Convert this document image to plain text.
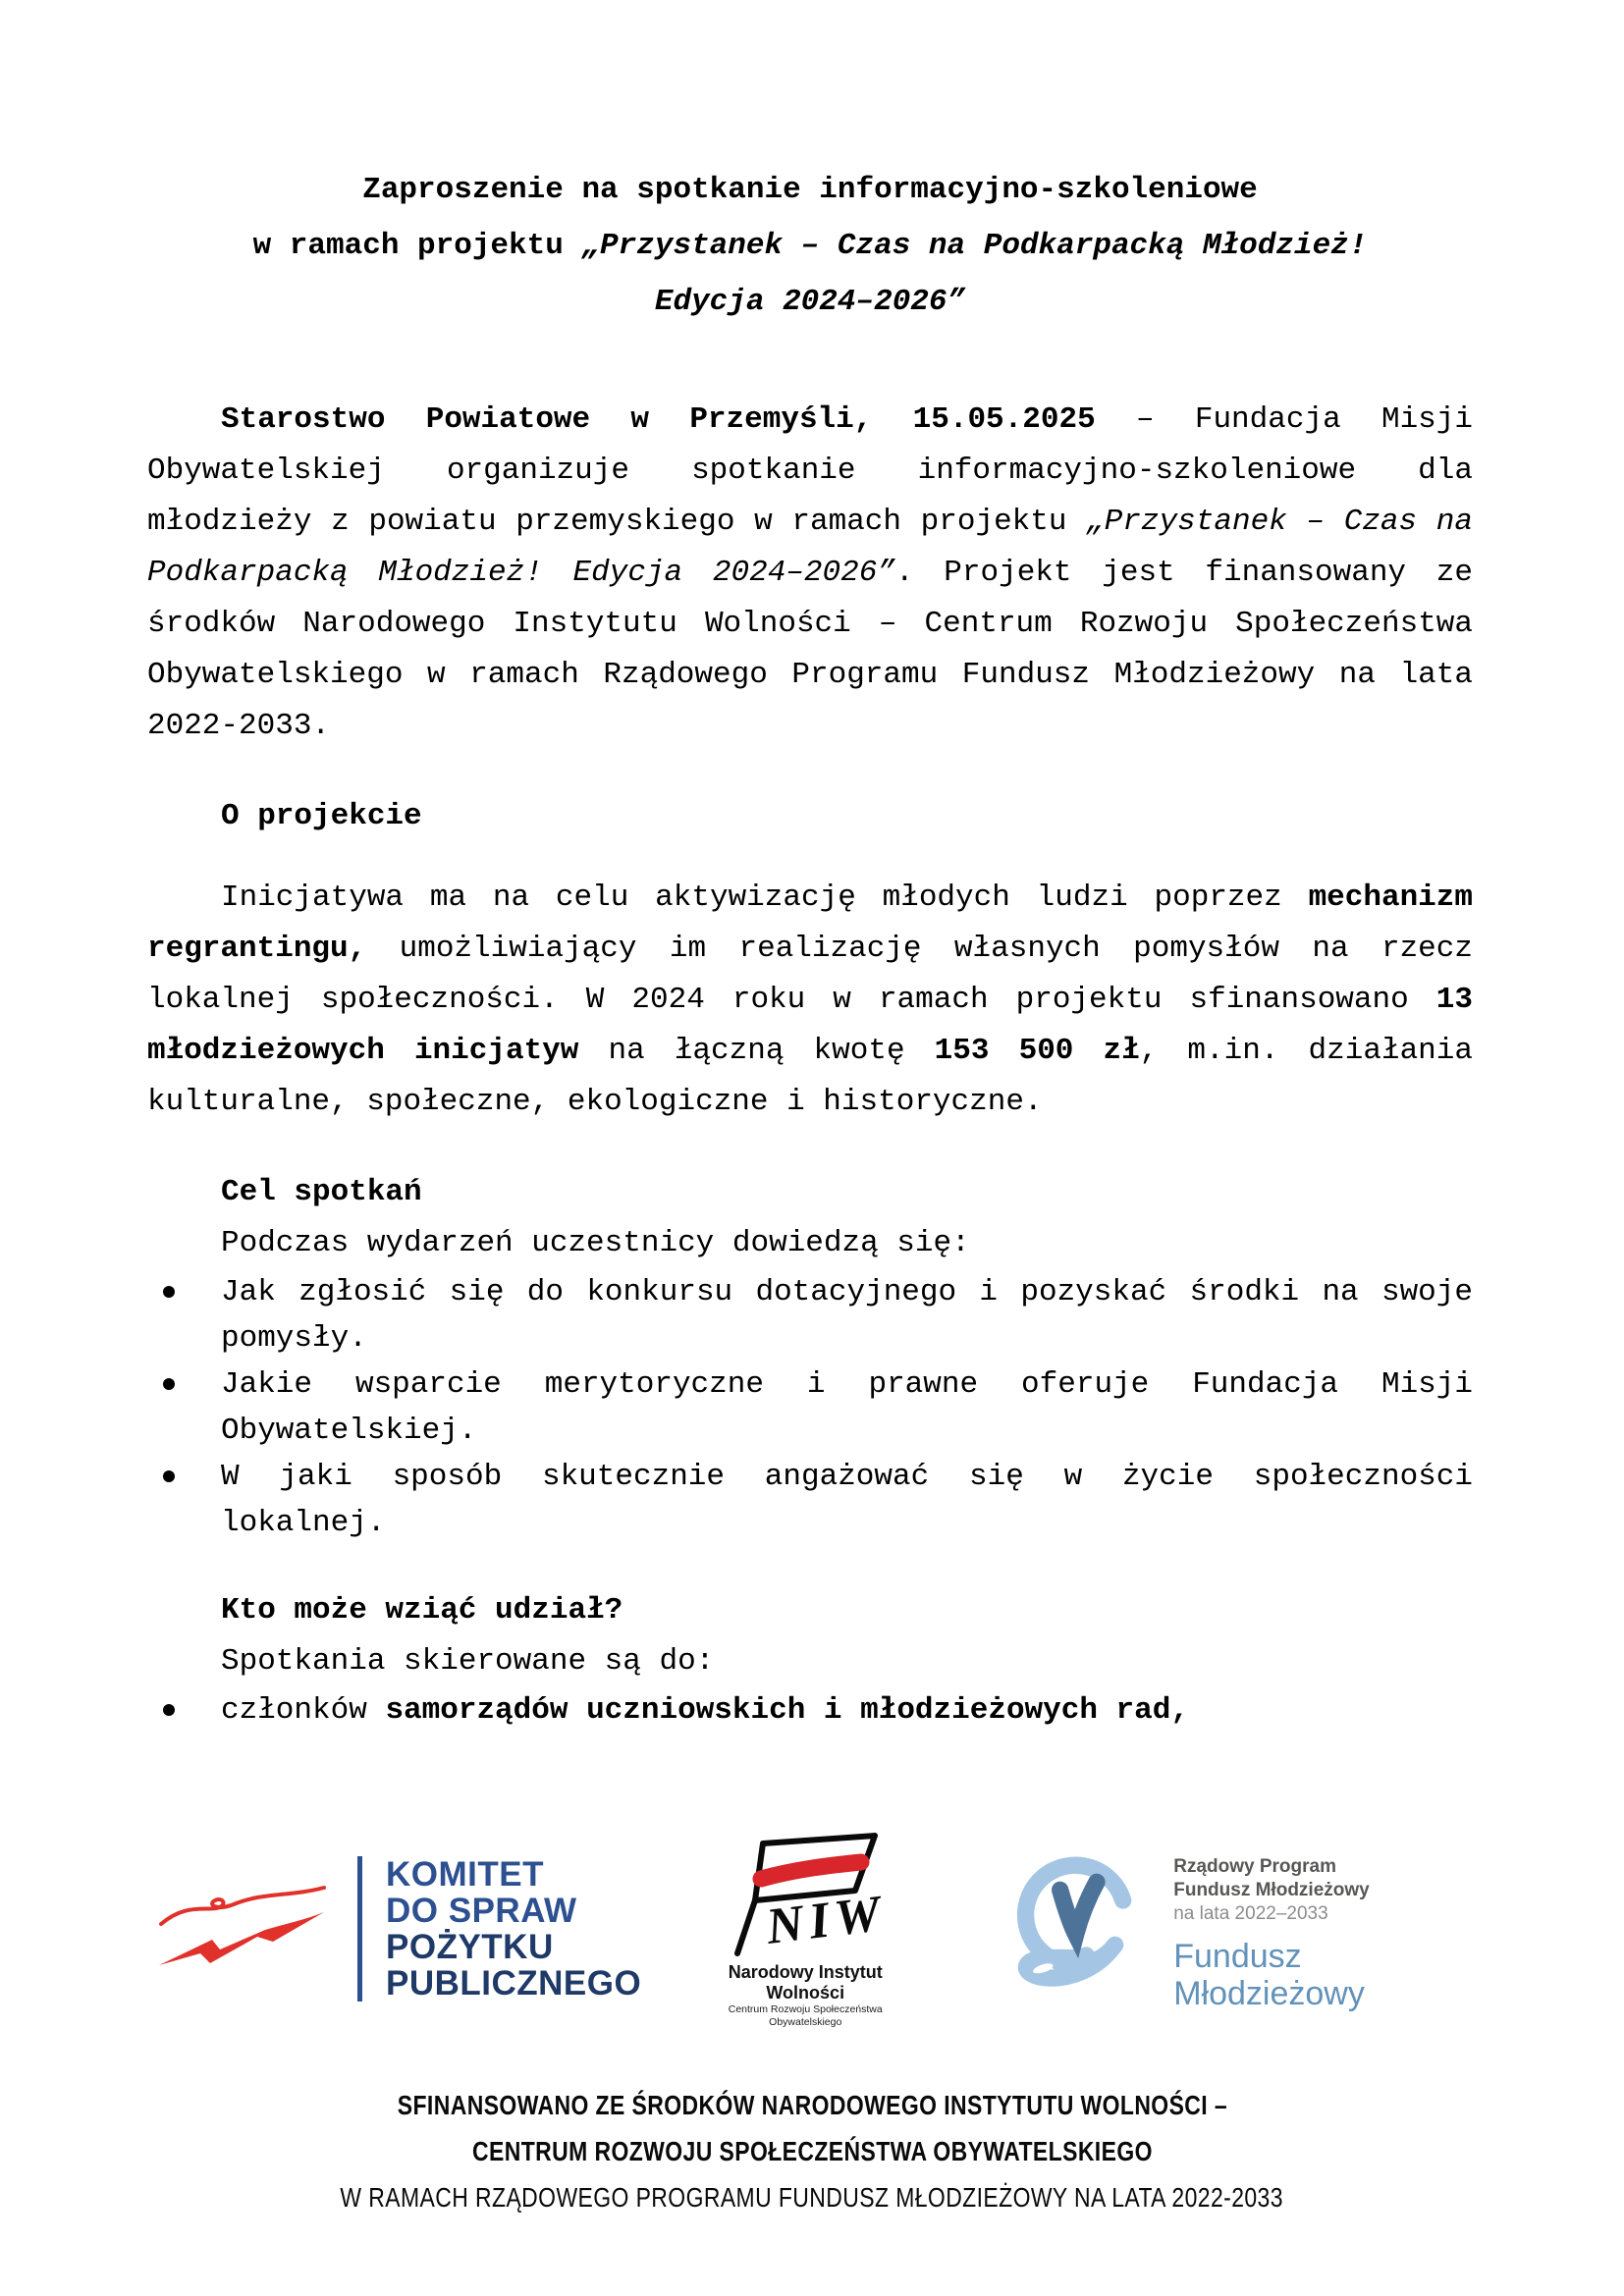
Zaproszenie na spotkanie informacyjno-szkoleniowe
w ramach projektu „Przystanek – Czas na Podkarpacką Młodzież!
Edycja 2024–2026”

Starostwo Powiatowe w Przemyśli, 15.05.2025 – Fundacja Misji Obywatelskiej organizuje spotkanie informacyjno-szkoleniowe dla młodzieży z powiatu przemyskiego w ramach projektu „Przystanek – Czas na Podkarpacką Młodzież! Edycja 2024–2026”. Projekt jest finansowany ze środków Narodowego Instytutu Wolności – Centrum Rozwoju Społeczeństwa Obywatelskiego w ramach Rządowego Programu Fundusz Młodzieżowy na lata 2022-2033.

O projekcie

Inicjatywa ma na celu aktywizację młodych ludzi poprzez mechanizm regrantingu, umożliwiający im realizację własnych pomysłów na rzecz lokalnej społeczności. W 2024 roku w ramach projektu sfinansowano 13 młodzieżowych inicjatyw na łączną kwotę 153 500 zł, m.in. działania kulturalne, społeczne, ekologiczne i historyczne.

Cel spotkań
Podczas wydarzeń uczestnicy dowiedzą się:
Jak zgłosić się do konkursu dotacyjnego i pozyskać środki na swoje pomysły.
Jakie wsparcie merytoryczne i prawne oferuje Fundacja Misji Obywatelskiej.
W jaki sposób skutecznie angażować się w życie społeczności lokalnej.
Kto może wziąć udział?
Spotkania skierowane są do:
członków samorządów uczniowskich i młodzieżowych rad,
KOMITET
DO SPRAW
POŻYTKU
PUBLICZNEGO
NIW
Narodowy Instytut Wolności
Centrum Rozwoju Społeczeństwa Obywatelskiego
Rządowy Program
Fundusz Młodzieżowy
na lata 2022–2033
Fundusz
Młodzieżowy
SFINANSOWANO ZE ŚRODKÓW NARODOWEGO INSTYTUTU WOLNOŚCI –
CENTRUM ROZWOJU SPOŁECZEŃSTWA OBYWATELSKIEGO
W RAMACH RZĄDOWEGO PROGRAMU FUNDUSZ MŁODZIEŻOWY NA LATA 2022-2033
